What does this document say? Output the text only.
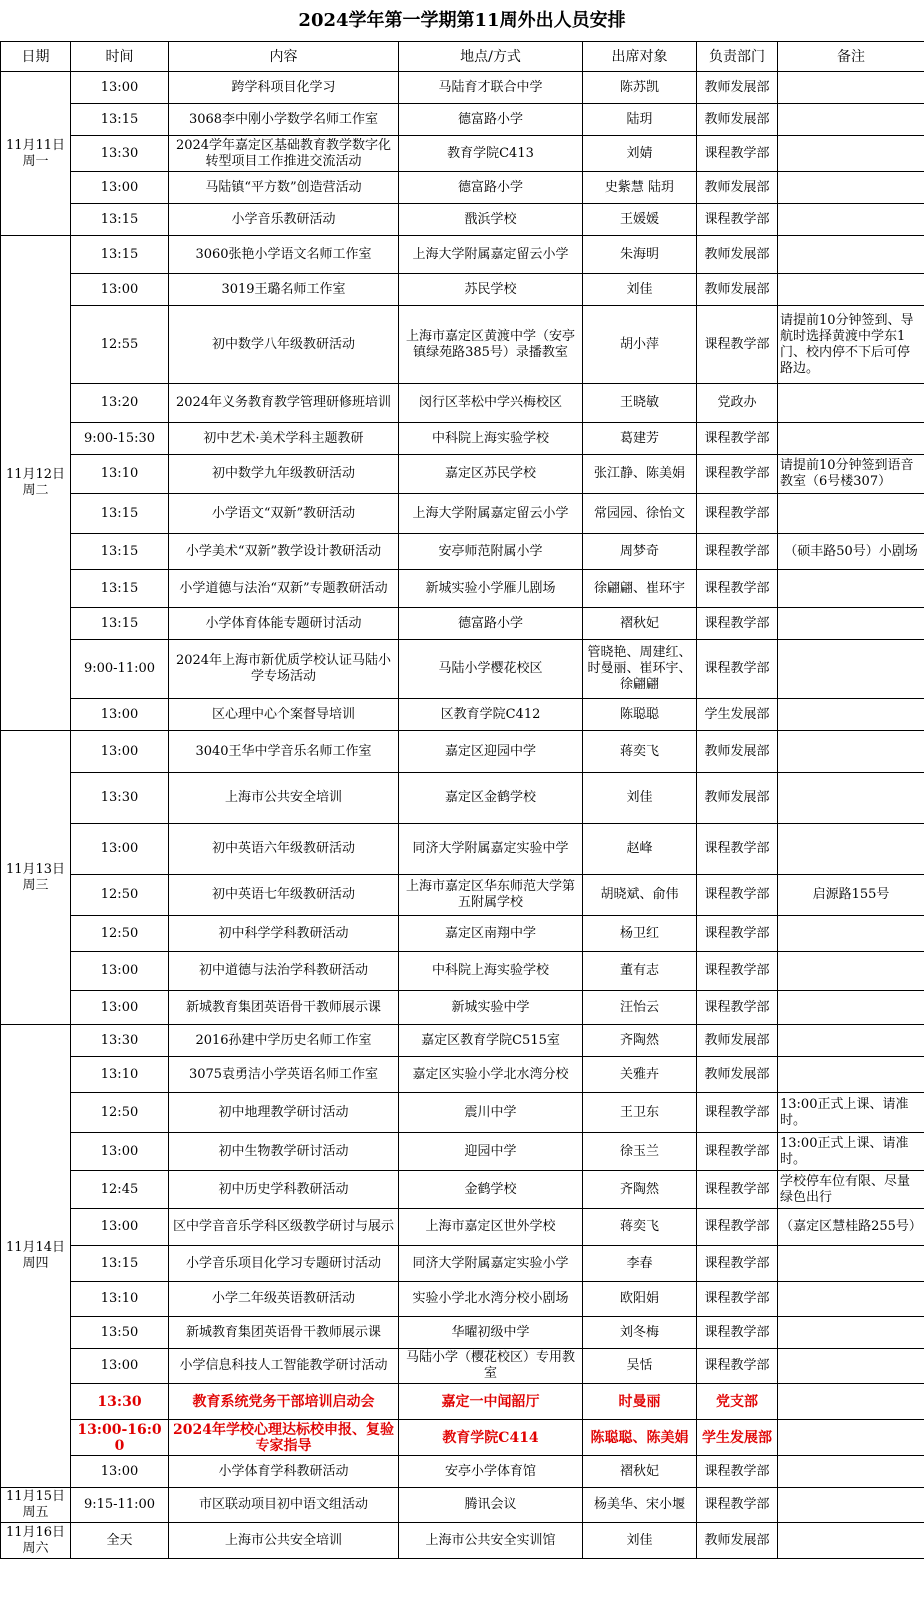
2024学年第一学期第11周外出人员安排
日期	时间	内容	地点/方式	出席对象	负责部门	备注

11月11日
周一	13:00	跨学科项目化学习	马陆育才联合中学	陈苏凯	教师发展部	
	13:15	3068李中刚小学数学名师工作室	德富路小学	陆玥	教师发展部	
	13:30	2024学年嘉定区基础教育教学数字化转型项目工作推进交流活动	教育学院C413	刘婧	课程教学部	
	13:00	马陆镇“平方数”创造营活动	德富路小学	史紫慧 陆玥	教师发展部	
	13:15	小学音乐教研活动	戬浜学校	王媛媛	课程教学部	

11月12日
周二	13:15	3060张艳小学语文名师工作室	上海大学附属嘉定留云小学	朱海明	教师发展部	
	13:00	3019王璐名师工作室	苏民学校	刘佳	教师发展部	
	12:55	初中数学八年级教研活动	上海市嘉定区黄渡中学（安亭镇绿苑路385号）录播教室	胡小萍	课程教学部	请提前10分钟签到、导航时选择黄渡中学东1门、校内停不下后可停路边。
	13:20	2024年义务教育教学管理研修班培训	闵行区莘松中学兴梅校区	王晓敏	党政办	
	9:00-15:30	初中艺术·美术学科主题教研	中科院上海实验学校	葛建芳	课程教学部	
	13:10	初中数学九年级教研活动	嘉定区苏民学校	张江静、陈美娟	课程教学部	请提前10分钟签到语音教室（6号楼307）
	13:15	小学语文“双新”教研活动	上海大学附属嘉定留云小学	常园园、徐怡文	课程教学部	
	13:15	小学美术“双新”教学设计教研活动	安亭师范附属小学	周梦奇	课程教学部	（硕丰路50号）小剧场
	13:15	小学道德与法治“双新”专题教研活动	新城实验小学雁儿剧场	徐翩翩、崔环宇	课程教学部	
	13:15	小学体育体能专题研讨活动	德富路小学	褶秋妃	课程教学部	
	9:00-11:00	2024年上海市新优质学校认证马陆小学专场活动	马陆小学樱花校区	管晓艳、周建红、时曼丽、崔环宇、徐翩翩	课程教学部	
	13:00	区心理中心个案督导培训	区教育学院C412	陈聪聪	学生发展部	

11月13日
周三	13:00	3040王华中学音乐名师工作室	嘉定区迎园中学	蒋奕飞	教师发展部	
	13:30	上海市公共安全培训	嘉定区金鹤学校	刘佳	教师发展部	
	13:00	初中英语六年级教研活动	同济大学附属嘉定实验中学	赵峰	课程教学部	
	12:50	初中英语七年级教研活动	上海市嘉定区华东师范大学第五附属学校	胡晓斌、俞伟	课程教学部	启源路155号
	12:50	初中科学学科教研活动	嘉定区南翔中学	杨卫红	课程教学部	
	13:00	初中道德与法治学科教研活动	中科院上海实验学校	董有志	课程教学部	
	13:00	新城教育集团英语骨干教师展示课	新城实验中学	汪怡云	课程教学部	

11月14日
周四	13:30	2016孙建中学历史名师工作室	嘉定区教育学院C515室	齐陶然	教师发展部	
	13:10	3075袁勇洁小学英语名师工作室	嘉定区实验小学北水湾分校	关雅卉	教师发展部	
	12:50	初中地理教学研讨活动	震川中学	王卫东	课程教学部	13:00正式上课、请准时。
	13:00	初中生物教学研讨活动	迎园中学	徐玉兰	课程教学部	13:00正式上课、请准时。
	12:45	初中历史学科教研活动	金鹤学校	齐陶然	课程教学部	学校停车位有限、尽量绿色出行
	13:00	区中学音音乐学科区级教学研讨与展示	上海市嘉定区世外学校	蒋奕飞	课程教学部	（嘉定区慧桂路255号）
	13:15	小学音乐项目化学习专题研讨活动	同济大学附属嘉定实验小学	李春	课程教学部	
	13:10	小学二年级英语教研活动	实验小学北水湾分校小剧场	欧阳娟	课程教学部	
	13:50	新城教育集团英语骨干教师展示课	华曜初级中学	刘冬梅	课程教学部	
	13:00	小学信息科技人工智能教学研讨活动	马陆小学（樱花校区）专用教室	吴恬	课程教学部	
	13:30	教育系统党务干部培训启动会	嘉定一中闻韶厅	时曼丽	党支部	
	13:00-16:00	2024年学校心理达标校申报、复验专家指导	教育学院C414	陈聪聪、陈美娟	学生发展部	
	13:00	小学体育学科教研活动	安亭小学体育馆	褶秋妃	课程教学部	

11月15日
周五	9:15-11:00	市区联动项目初中语文组活动	腾讯会议	杨美华、宋小堰	课程教学部	

11月16日
周六	全天	上海市公共安全培训	上海市公共安全实训馆	刘佳	教师发展部	
